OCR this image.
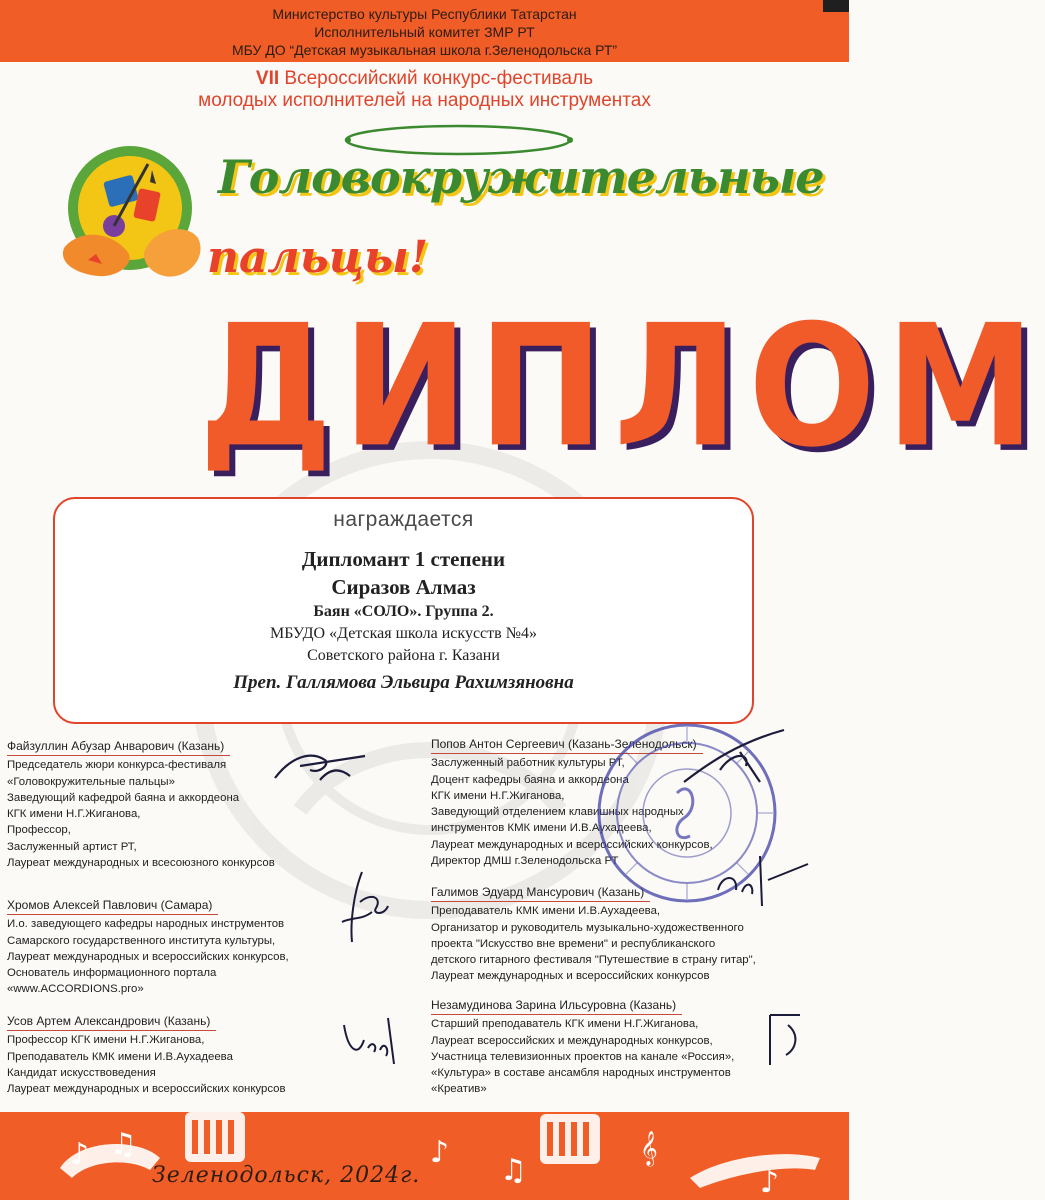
Министерство культуры Республики Татарстан
Исполнительный комитет ЗМР РТ
МБУ ДО “Детская музыкальная школа г.Зеленодольска РТ”
VII Всероссийский конкурс-фестиваль
молодых исполнителей на народных инструментах
Головокружительные
пальцы!
ДИПЛОМ
награждается
Дипломант 1 степени
Сиразов Алмаз
Баян «СОЛО». Группа 2.
МБУДО «Детская школа искусств №4»
Советского района г. Казани
Преп. Галлямова Эльвира Рахимзяновна
Файзуллин Абузар Анварович (Казань)
Председатель жюри конкурса-фестиваля
«Головокружительные пальцы»
Заведующий кафедрой баяна и аккордеона
КГК имени Н.Г.Жиганова,
Профессор,
Заслуженный артист РТ,
Лауреат международных и всесоюзного конкурсов
Хромов Алексей Павлович (Самара)
И.о. заведующего кафедры народных инструментов
Самарского государственного института культуры,
Лауреат международных и всероссийских конкурсов,
Основатель информационного портала
«www.ACCORDIONS.pro»
Усов Артем Александрович (Казань)
Профессор КГК имени Н.Г.Жиганова,
Преподаватель КМК имени И.В.Аухадеева
Кандидат искусствоведения
Лауреат международных и всероссийских конкурсов
Попов Антон Сергеевич (Казань-Зеленодольск)
Заслуженный работник культуры РТ,
Доцент кафедры баяна и аккордеона
КГК имени Н.Г.Жиганова,
Заведующий отделением клавишных народных
инструментов КМК имени И.В.Аухадеева,
Лауреат международных и всероссийских конкурсов,
Директор ДМШ г.Зеленодольска РТ
Галимов Эдуард Мансурович (Казань)
Преподаватель КМК имени И.В.Аухадеева,
Организатор и руководитель музыкально-художественного
проекта "Искусство вне времени" и республиканского
детского гитарного фестиваля "Путешествие в страну гитар",
Лауреат международных и всероссийских конкурсов
Незамудинова Зарина Ильсуровна (Казань)
Старший преподаватель КГК имени Н.Г.Жиганова,
Лауреат всероссийских и международных конкурсов,
Участница телевизионных проектов на канале «Россия»,
«Культура» в составе ансамбля народных инструментов
«Креатив»
♪ ♫	♪
♫
𝄞
♪
Зеленодольск, 2024г.
